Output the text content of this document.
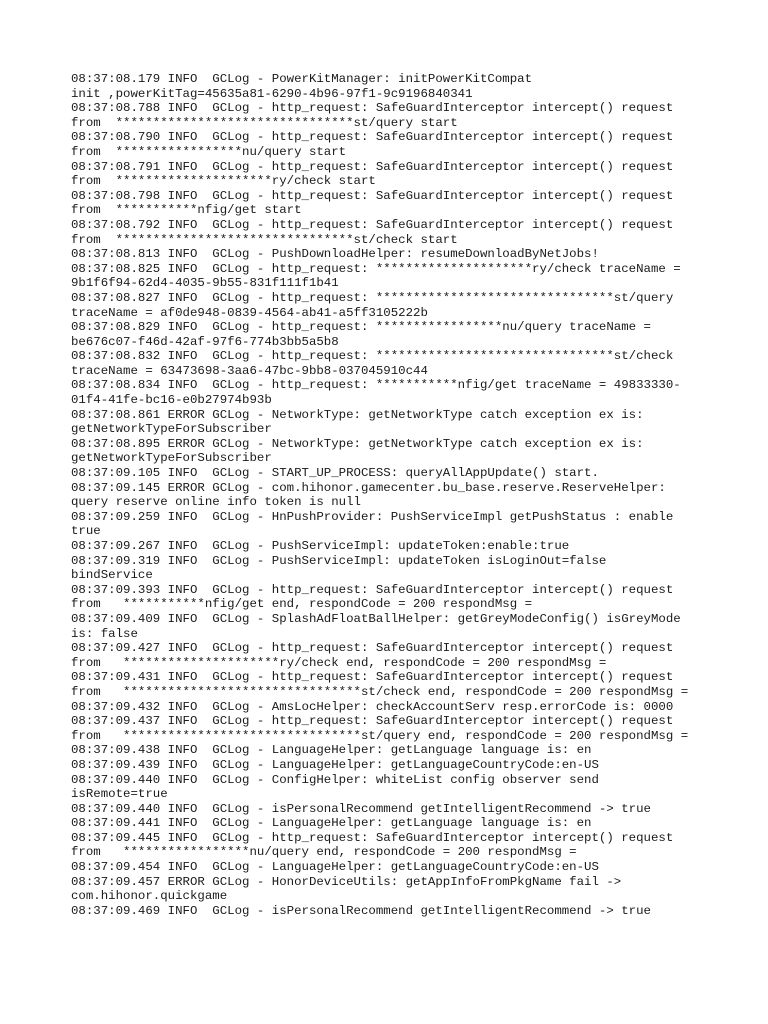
08:37:08.179 INFO  GCLog - PowerKitManager: initPowerKitCompat
init ,powerKitTag=45635a81-6290-4b96-97f1-9c9196840341
08:37:08.788 INFO  GCLog - http_request: SafeGuardInterceptor intercept() request
from  ********************************st/query start
08:37:08.790 INFO  GCLog - http_request: SafeGuardInterceptor intercept() request
from  *****************nu/query start
08:37:08.791 INFO  GCLog - http_request: SafeGuardInterceptor intercept() request
from  *********************ry/check start
08:37:08.798 INFO  GCLog - http_request: SafeGuardInterceptor intercept() request
from  ***********nfig/get start
08:37:08.792 INFO  GCLog - http_request: SafeGuardInterceptor intercept() request
from  ********************************st/check start
08:37:08.813 INFO  GCLog - PushDownloadHelper: resumeDownloadByNetJobs!
08:37:08.825 INFO  GCLog - http_request: *********************ry/check traceName =
9b1f6f94-62d4-4035-9b55-831f111f1b41
08:37:08.827 INFO  GCLog - http_request: ********************************st/query
traceName = af0de948-0839-4564-ab41-a5ff3105222b
08:37:08.829 INFO  GCLog - http_request: *****************nu/query traceName =
be676c07-f46d-42af-97f6-774b3bb5a5b8
08:37:08.832 INFO  GCLog - http_request: ********************************st/check
traceName = 63473698-3aa6-47bc-9bb8-037045910c44
08:37:08.834 INFO  GCLog - http_request: ***********nfig/get traceName = 49833330-
01f4-41fe-bc16-e0b27974b93b
08:37:08.861 ERROR GCLog - NetworkType: getNetworkType catch exception ex is:
getNetworkTypeForSubscriber
08:37:08.895 ERROR GCLog - NetworkType: getNetworkType catch exception ex is:
getNetworkTypeForSubscriber
08:37:09.105 INFO  GCLog - START_UP_PROCESS: queryAllAppUpdate() start.
08:37:09.145 ERROR GCLog - com.hihonor.gamecenter.bu_base.reserve.ReserveHelper:
query reserve online info token is null
08:37:09.259 INFO  GCLog - HnPushProvider: PushServiceImpl getPushStatus : enable
true
08:37:09.267 INFO  GCLog - PushServiceImpl: updateToken:enable:true
08:37:09.319 INFO  GCLog - PushServiceImpl: updateToken isLoginOut=false
bindService
08:37:09.393 INFO  GCLog - http_request: SafeGuardInterceptor intercept() request
from   ***********nfig/get end, respondCode = 200 respondMsg =
08:37:09.409 INFO  GCLog - SplashAdFloatBallHelper: getGreyModeConfig() isGreyMode
is: false
08:37:09.427 INFO  GCLog - http_request: SafeGuardInterceptor intercept() request
from   *********************ry/check end, respondCode = 200 respondMsg =
08:37:09.431 INFO  GCLog - http_request: SafeGuardInterceptor intercept() request
from   ********************************st/check end, respondCode = 200 respondMsg =
08:37:09.432 INFO  GCLog - AmsLocHelper: checkAccountServ resp.errorCode is: 0000
08:37:09.437 INFO  GCLog - http_request: SafeGuardInterceptor intercept() request
from   ********************************st/query end, respondCode = 200 respondMsg =
08:37:09.438 INFO  GCLog - LanguageHelper: getLanguage language is: en
08:37:09.439 INFO  GCLog - LanguageHelper: getLanguageCountryCode:en-US
08:37:09.440 INFO  GCLog - ConfigHelper: whiteList config observer send
isRemote=true
08:37:09.440 INFO  GCLog - isPersonalRecommend getIntelligentRecommend -> true
08:37:09.441 INFO  GCLog - LanguageHelper: getLanguage language is: en
08:37:09.445 INFO  GCLog - http_request: SafeGuardInterceptor intercept() request
from   *****************nu/query end, respondCode = 200 respondMsg =
08:37:09.454 INFO  GCLog - LanguageHelper: getLanguageCountryCode:en-US
08:37:09.457 ERROR GCLog - HonorDeviceUtils: getAppInfoFromPkgName fail ->
com.hihonor.quickgame
08:37:09.469 INFO  GCLog - isPersonalRecommend getIntelligentRecommend -> true
